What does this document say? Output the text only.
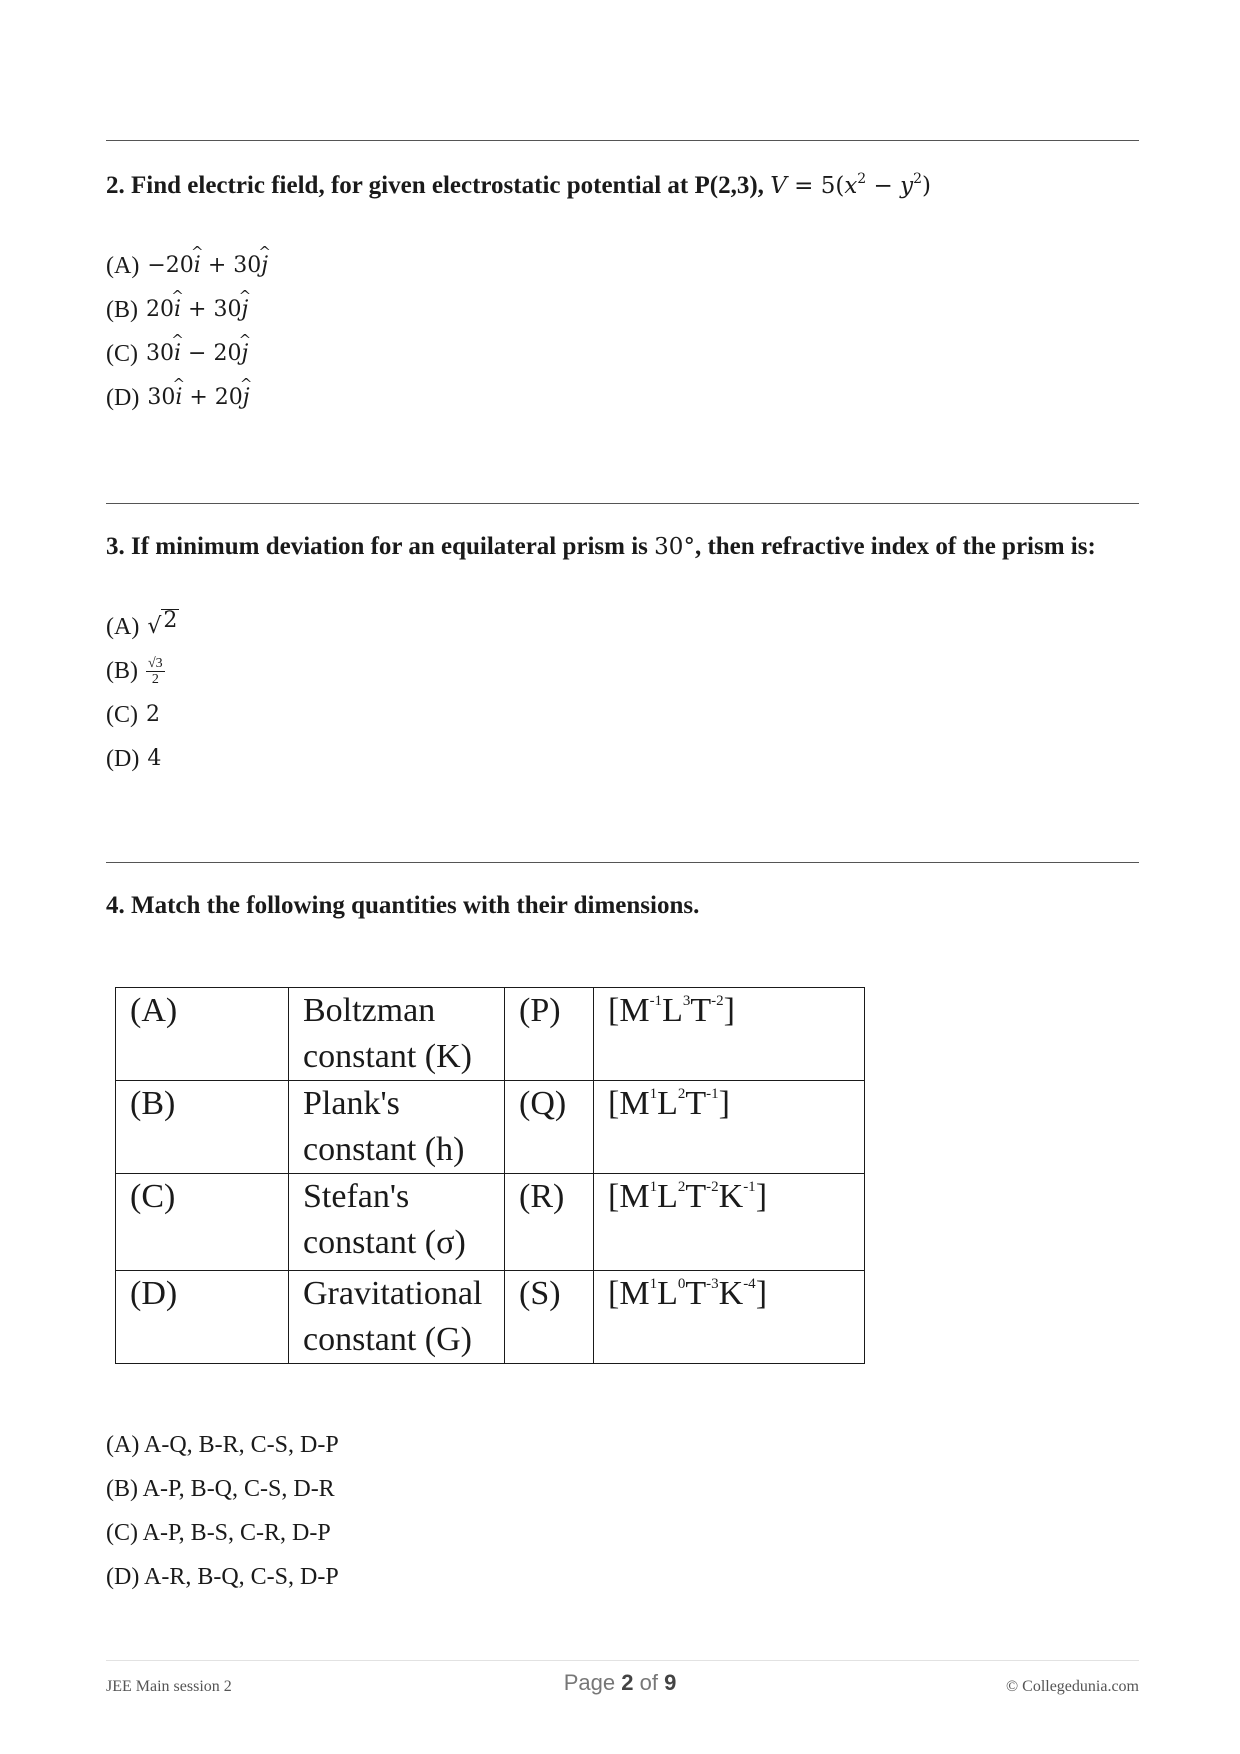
2. Find electric field, for given electrostatic potential at P(2,3), $V = 5(x^2 - y^2)$
(A) −20i ^ + 30j ^
(B) 20i ^ + 30j ^
(C) 30i ^ − 20j ^
(D) 30i ^ + 20j ^
3. If minimum deviation for an equilateral prism is 30°, then refractive index of the prism is:
(A) √ 2
$(B) \frac{√3}{2}$
(C) 2
(D) 4
4. Match the following quantities with their dimensions.
(A)	Boltzman constant (K)	(P)	$[M^{-1}L^3T^{-2}]$
(B)	Plank's constant (h)	(Q)	$[M^1L^2T^{-1}]$
(C)	Stefan's constant (σ)	(R)	$[M^1L^2T^{-2}K^{-1}]$
(D)	Gravitational constant (G)	(S)	$[M^1L^0T^{-3}K^{-4}]$
(A) A-Q, B-R, C-S, D-P
(B) A-P, B-Q, C-S, D-R
(C) A-P, B-S, C-R, D-P
(D) A-R, B-Q, C-S, D-P
JEE Main session 2	Page 2 of 9	© Collegedunia.com
